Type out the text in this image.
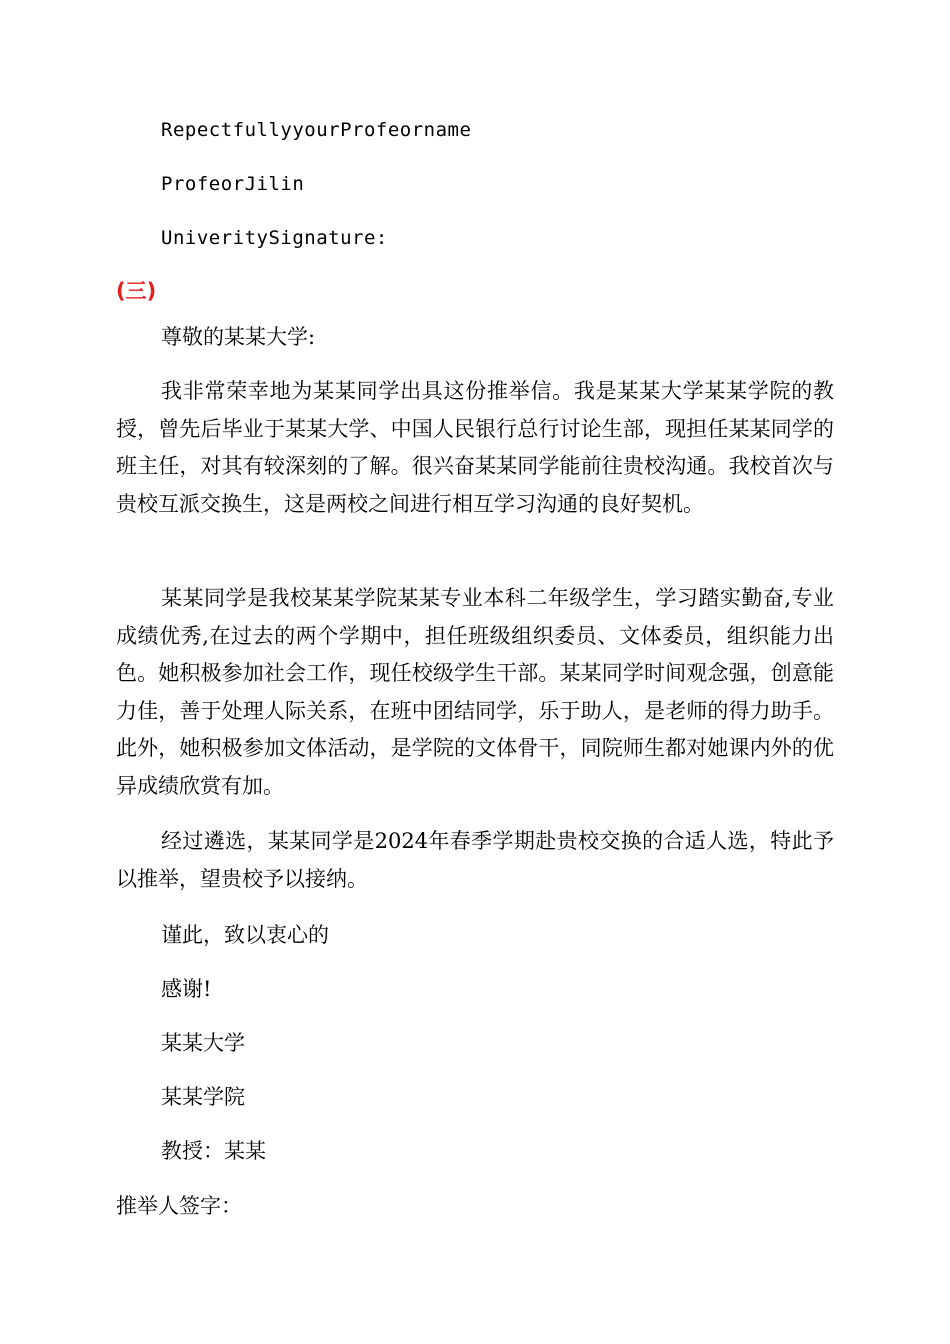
RepectfullyyourProfeorname

ProfeorJilin

UniveritySignature:

(三)

尊敬的某某大学:

我非常荣幸地为某某同学出具这份推举信。我是某某大学某某学院的教授，曾先后毕业于某某大学、中国人民银行总行讨论生部，现担任某某同学的班主任，对其有较深刻的了解。很兴奋某某同学能前往贵校沟通。我校首次与贵校互派交换生，这是两校之间进行相互学习沟通的良好契机。

某某同学是我校某某学院某某专业本科二年级学生，学习踏实勤奋,专业成绩优秀,在过去的两个学期中，担任班级组织委员、文体委员，组织能力出色。她积极参加社会工作，现任校级学生干部。某某同学时间观念强，创意能力佳，善于处理人际关系，在班中团结同学，乐于助人，是老师的得力助手。此外，她积极参加文体活动，是学院的文体骨干，同院师生都对她课内外的优异成绩欣赏有加。

经过遴选，某某同学是2024年春季学期赴贵校交换的合适人选，特此予以推举，望贵校予以接纳。

谨此，致以衷心的

感谢!

某某大学

某某学院

教授：某某

推举人签字：
